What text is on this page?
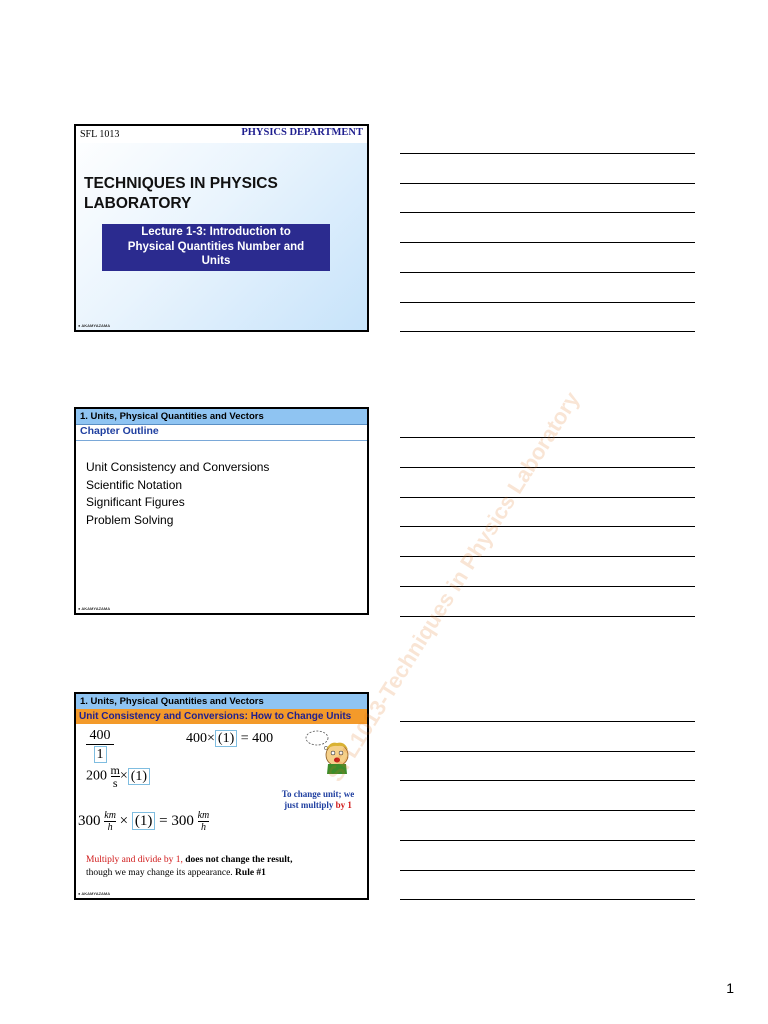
SFL 1013	PHYSICS DEPARTMENT
TECHNIQUES IN PHYSICS
LABORATORY
Lecture 1-3: Introduction to
Physical Quantities Number and
Units
● AKAMYAZAMA
1. Units, Physical Quantities and Vectors
Chapter Outline
Unit Consistency and Conversions
Scientific Notation
Significant Figures
Problem Solving
● AKAMYAZAMA
1. Units, Physical Quantities and Vectors
Unit Consistency and Conversions: How to Change Units
$\frac{400}{1}$	400× (1) = 400
$200 \frac{m}{s} \times (1)$
To change unit; we
just multiply by 1
$300 \frac{km}{h} \times (1) = 300 \frac{km}{h}$
Multiply and divide by 1, does not change the result,
though we may change its appearance. Rule #1
● AKAMYAZAMA
SFL1013-Techniques in Physics Laboratory
1
